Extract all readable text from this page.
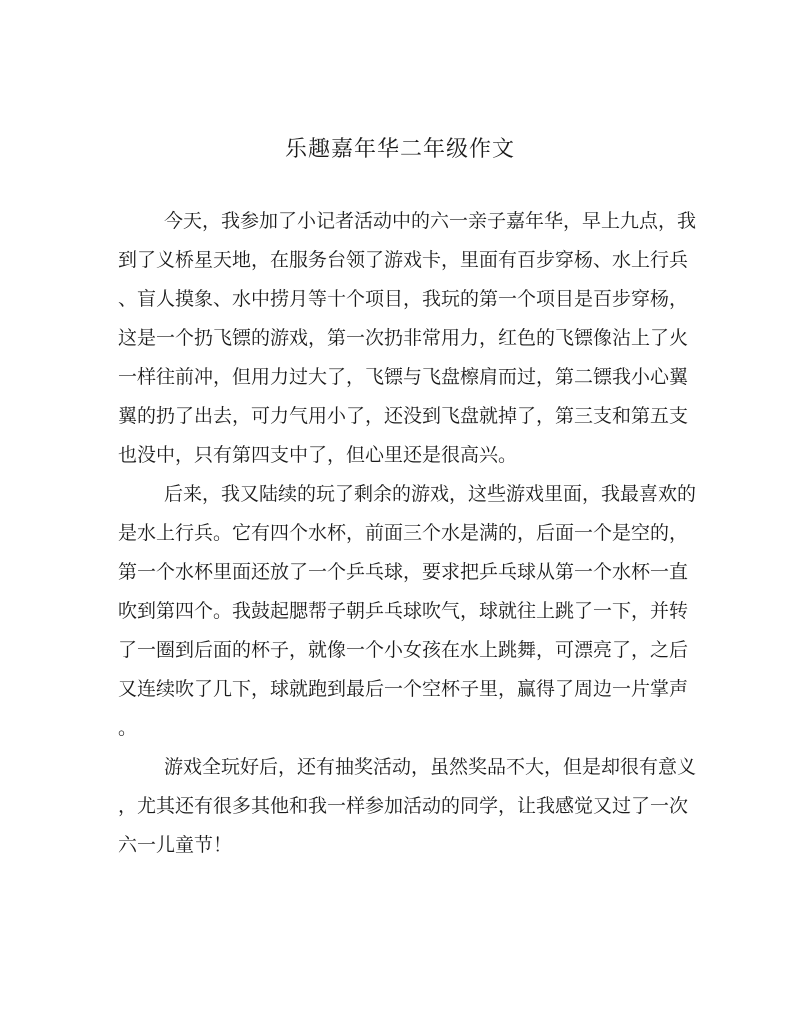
乐趣嘉年华二年级作文
今天，我参加了小记者活动中的六一亲子嘉年华，早上九点，我
到了义桥星天地，在服务台领了游戏卡，里面有百步穿杨、水上行兵
、盲人摸象、水中捞月等十个项目，我玩的第一个项目是百步穿杨，
这是一个扔飞镖的游戏，第一次扔非常用力，红色的飞镖像沾上了火
一样往前冲，但用力过大了，飞镖与飞盘檫肩而过，第二镖我小心翼
翼的扔了出去，可力气用小了，还没到飞盘就掉了，第三支和第五支
也没中，只有第四支中了，但心里还是很高兴。
后来，我又陆续的玩了剩余的游戏，这些游戏里面，我最喜欢的
是水上行兵。它有四个水杯，前面三个水是满的，后面一个是空的，
第一个水杯里面还放了一个乒乓球，要求把乒乓球从第一个水杯一直
吹到第四个。我鼓起腮帮子朝乒乓球吹气，球就往上跳了一下，并转
了一圈到后面的杯子，就像一个小女孩在水上跳舞，可漂亮了，之后
又连续吹了几下，球就跑到最后一个空杯子里，赢得了周边一片掌声
。
游戏全玩好后，还有抽奖活动，虽然奖品不大，但是却很有意义
，尤其还有很多其他和我一样参加活动的同学，让我感觉又过了一次
六一儿童节！
